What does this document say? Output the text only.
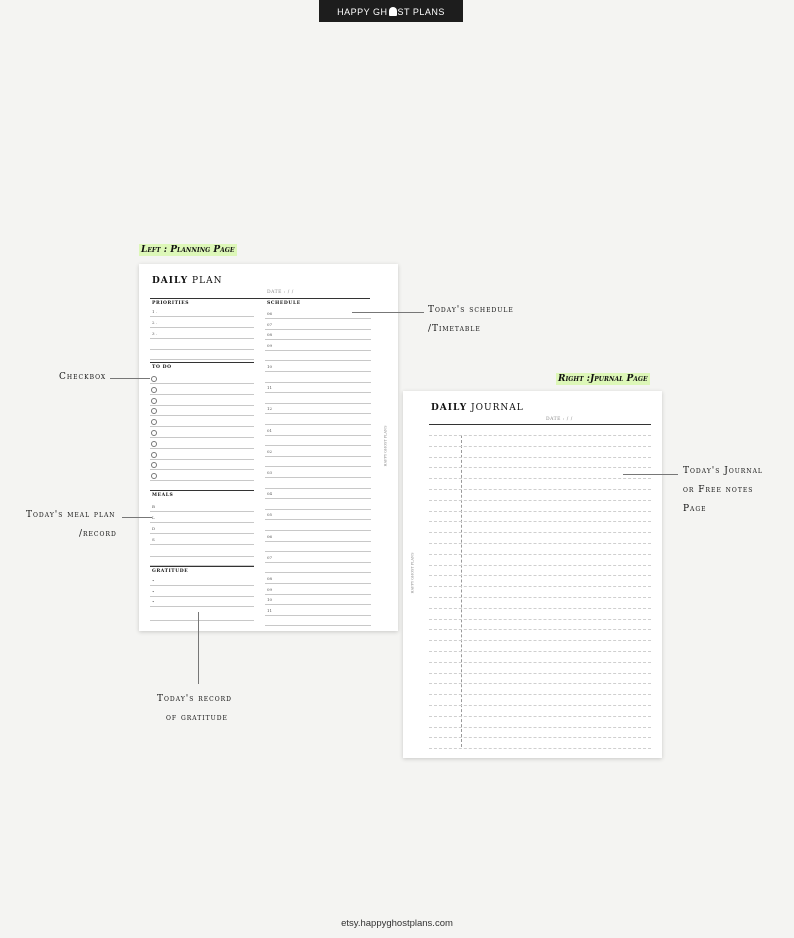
HAPPY GH ST PLANS
Left : Planning Page
Right :Jpurnal Page
DAILY PLAN
DATE : / /
PRIORITIES
TO DO
MEALS
GRATITUDE
SCHEDULE
HAPPY GHOST PLANS
1 .
2 .
3 .
B
L
D
S
•
•
•
06
07
08
09
10
11
12
01
02
03
04
05
06
07
08
09
10
11
DAILY JOURNAL
DATE : / /
HAPPY GHOST PLANS
Today's schedule
/Timetable
Checkbox
Today's meal plan
/record
Today's record
of gratitude
Today's Journal
or Free notes
Page
etsy.happyghostplans.com
